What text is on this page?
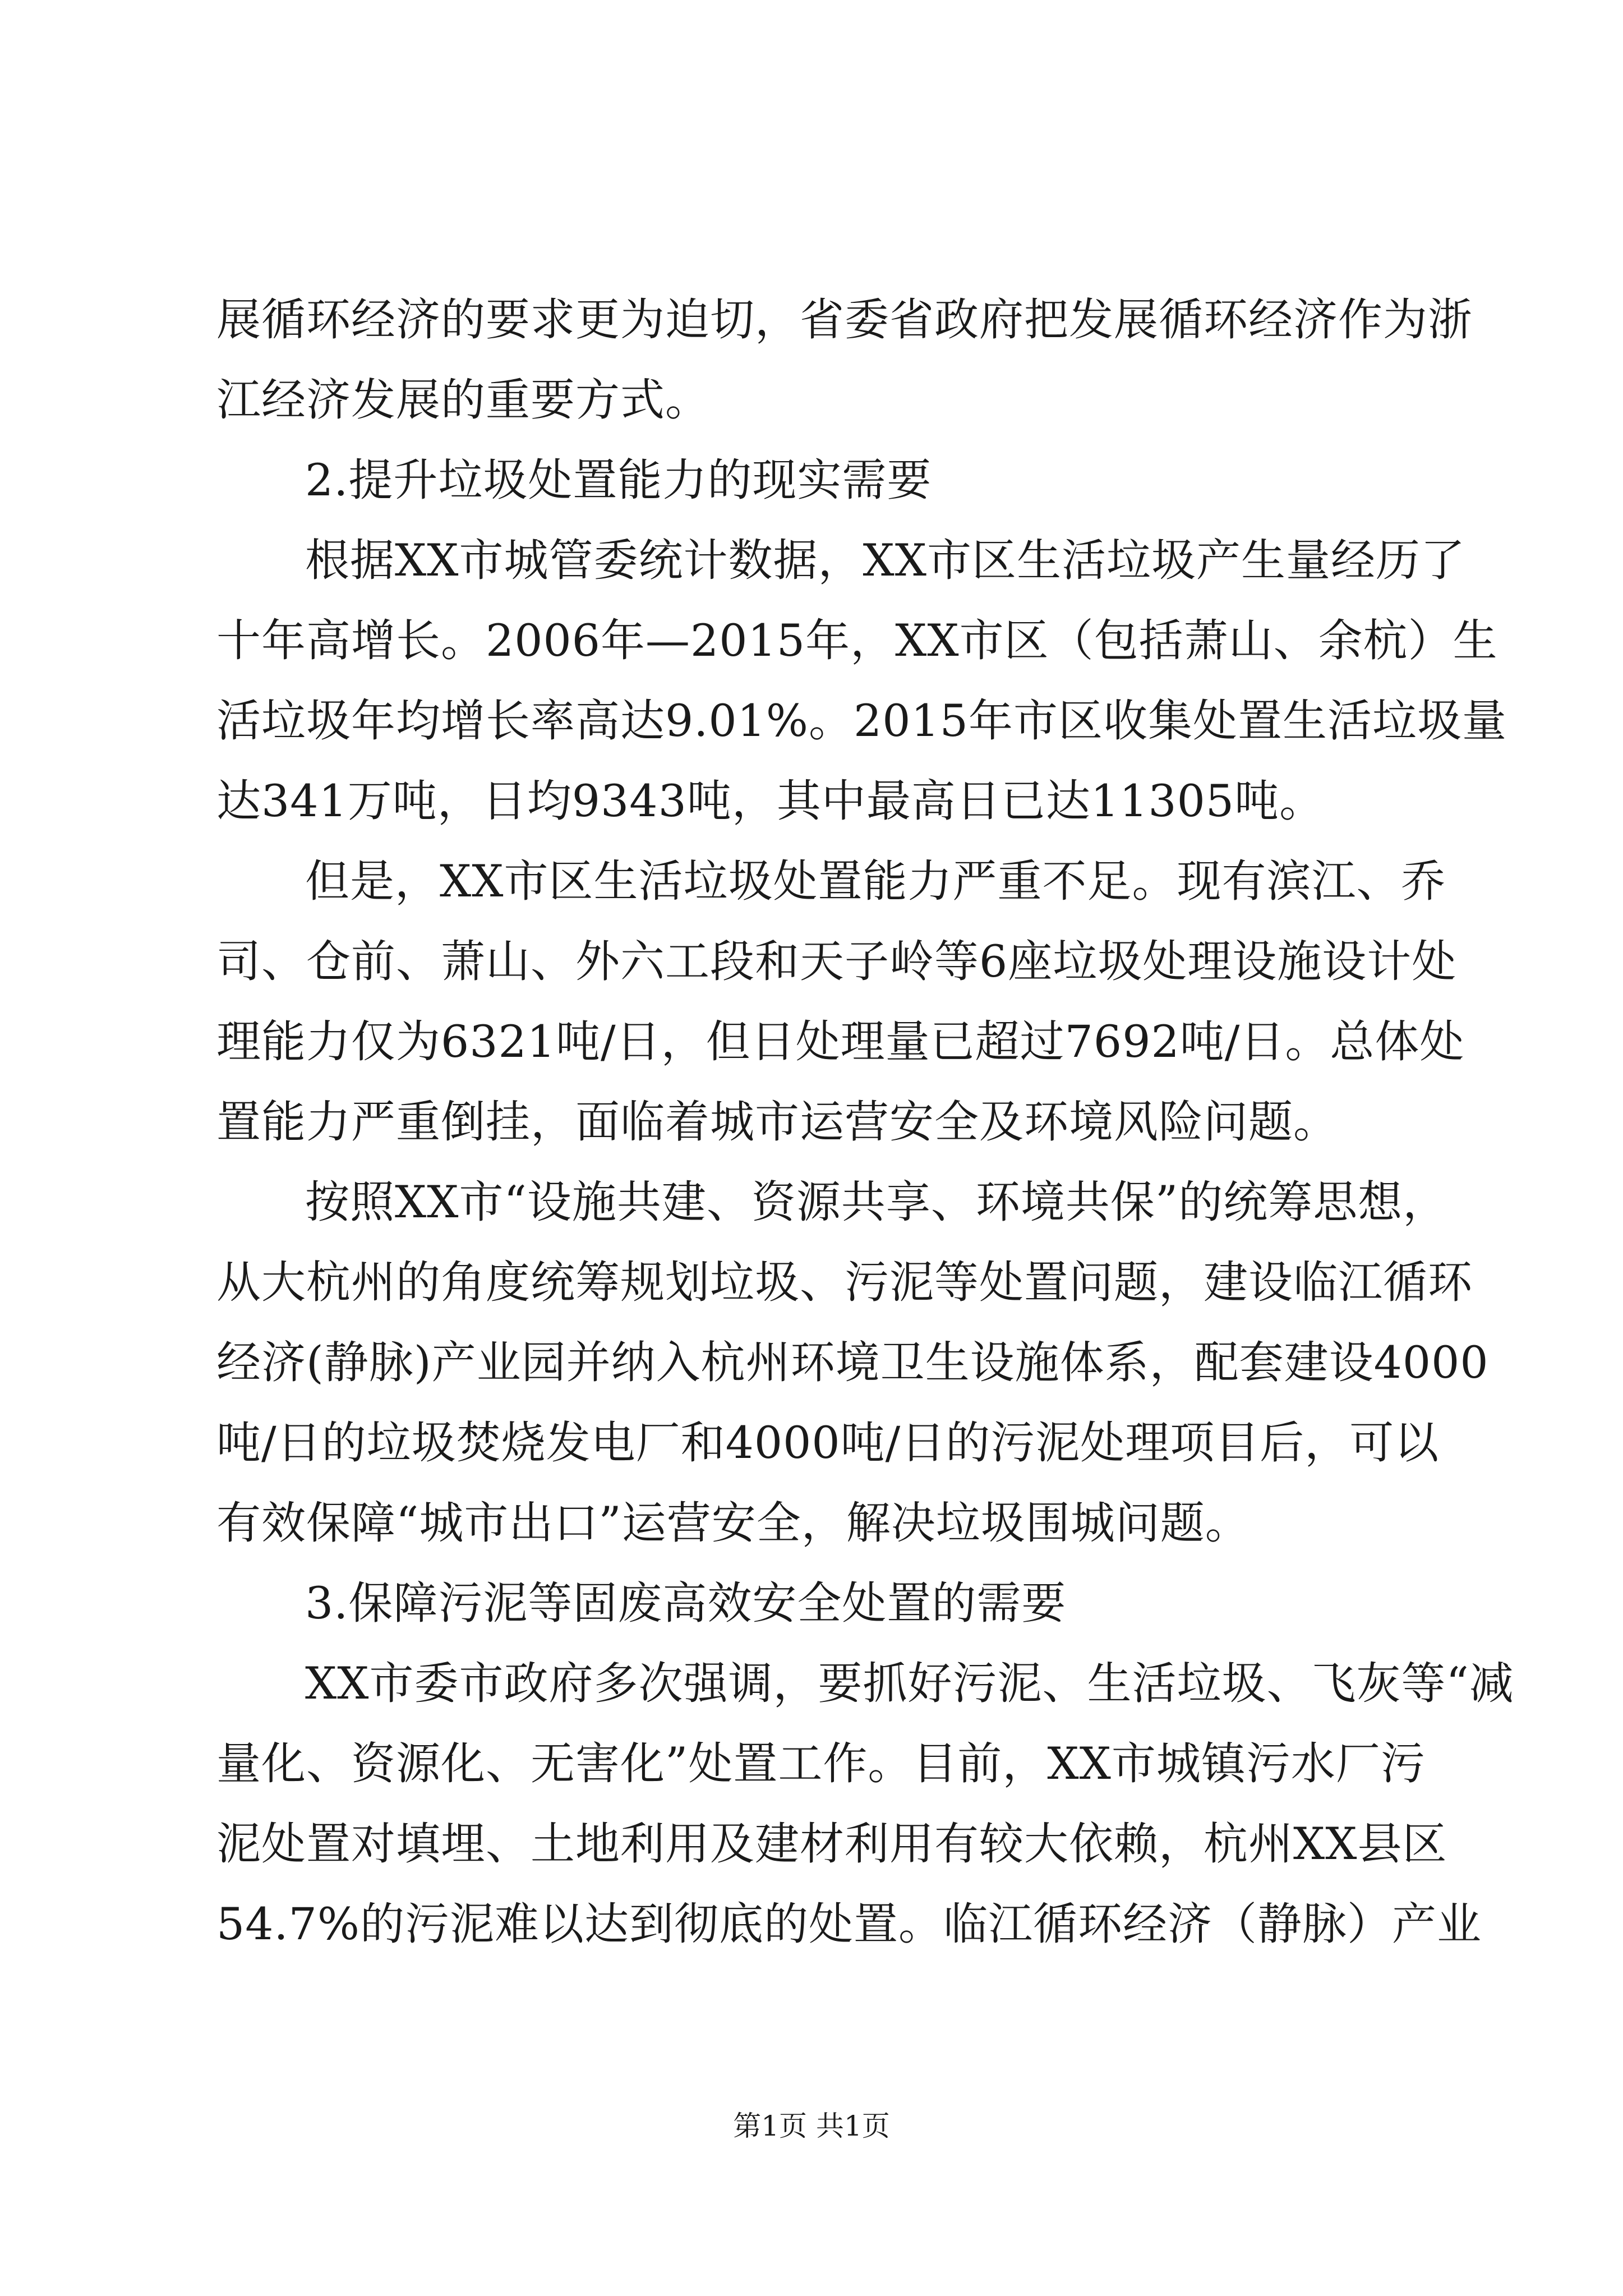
展循环经济的要求更为迫切，省委省政府把发展循环经济作为浙
江经济发展的重要方式。
2.提升垃圾处置能力的现实需要
根据XX市城管委统计数据，XX市区生活垃圾产生量经历了
十年高增长。2006年—2015年，XX市区（包括萧山、余杭）生
活垃圾年均增长率高达9.01%。2015年市区收集处置生活垃圾量
达341万吨，日均9343吨，其中最高日已达11305吨。
但是，XX市区生活垃圾处置能力严重不足。现有滨江、乔
司、仓前、萧山、外六工段和天子岭等6座垃圾处理设施设计处
理能力仅为6321吨/日，但日处理量已超过7692吨/日。总体处
置能力严重倒挂，面临着城市运营安全及环境风险问题。
按照XX市“设施共建、资源共享、环境共保”的统筹思想，
从大杭州的角度统筹规划垃圾、污泥等处置问题，建设临江循环
经济(静脉)产业园并纳入杭州环境卫生设施体系，配套建设4000
吨/日的垃圾焚烧发电厂和4000吨/日的污泥处理项目后，可以
有效保障“城市出口”运营安全，解决垃圾围城问题。
3.保障污泥等固废高效安全处置的需要
XX市委市政府多次强调，要抓好污泥、生活垃圾、飞灰等“减
量化、资源化、无害化”处置工作。目前，XX市城镇污水厂污
泥处置对填埋、土地利用及建材利用有较大依赖，杭州XX县区
54.7%的污泥难以达到彻底的处置。临江循环经济（静脉）产业
第1页 共1页
